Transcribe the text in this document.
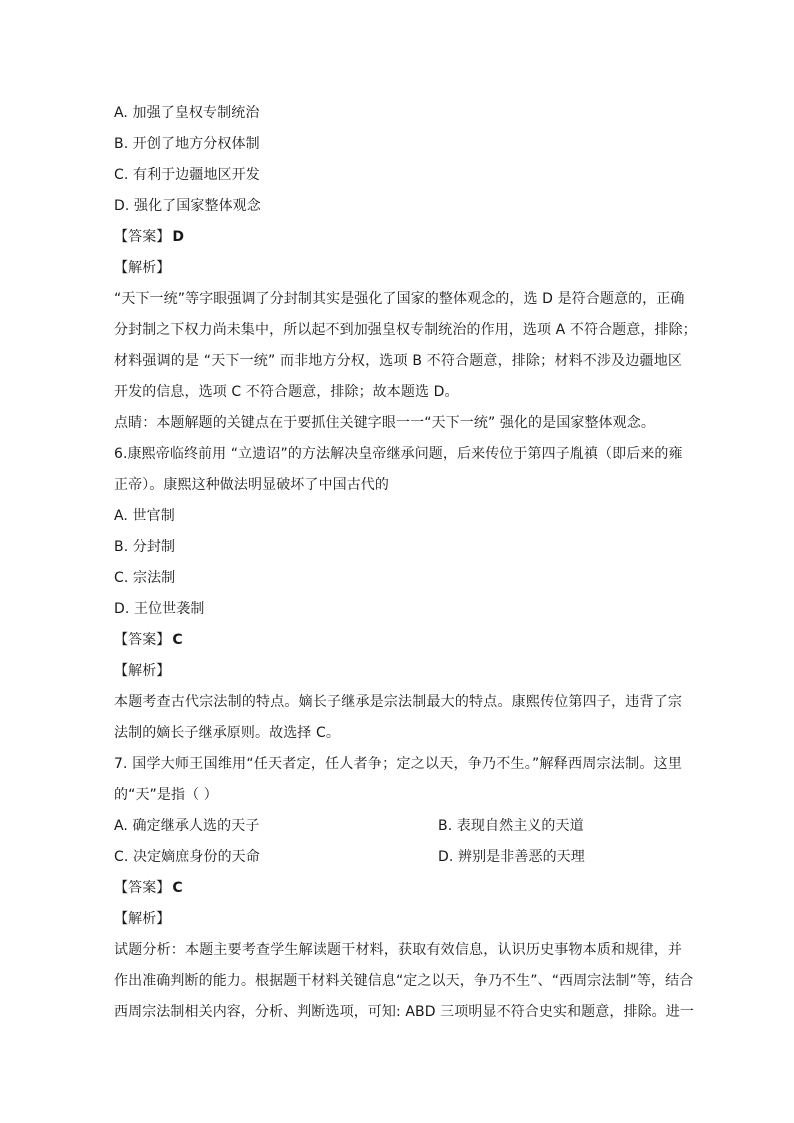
A. 加强了皇权专制统治
B. 开创了地方分权体制
C. 有利于边疆地区开发
D. 强化了国家整体观念
【答案】 D
【解析】
“天下一统”等字眼强调了分封制其实是强化了国家的整体观念的，选 D 是符合题意的，正确
分封制之下权力尚未集中，所以起不到加强皇权专制统治的作用，选项 A 不符合题意，排除；
材料强调的是 “天下一统” 而非地方分权，选项 B 不符合题意，排除；材料不涉及边疆地区
开发的信息，选项 C 不符合题意，排除；故本题选 D。
点睛：本题解题的关键点在于要抓住关键字眼一一“天下一统” 强化的是国家整体观念。
6.康熙帝临终前用 “立遗诏”的方法解决皇帝继承问题，后来传位于第四子胤禛（即后来的雍
正帝）。康熙这种做法明显破坏了中国古代的
A. 世官制
B. 分封制
C. 宗法制
D. 王位世袭制
【答案】 C
【解析】
本题考查古代宗法制的特点。嫡长子继承是宗法制最大的特点。康熙传位第四子，违背了宗
法制的嫡长子继承原则。故选择 C。
7. 国学大师王国维用“任天者定，任人者争；定之以天，争乃不生。”解释西周宗法制。这里
的“天”是指（ ）
A. 确定继承人选的天子	B. 表现自然主义的天道
C. 决定嫡庶身份的天命	D. 辨别是非善恶的天理
【答案】 C
【解析】
试题分析：本题主要考查学生解读题干材料，获取有效信息，认识历史事物本质和规律，并
作出准确判断的能力。根据题干材料关键信息“定之以天，争乃不生”、“西周宗法制”等，结合
西周宗法制相关内容，分析、判断选项，可知: ABD 三项明显不符合史实和题意，排除。进一
